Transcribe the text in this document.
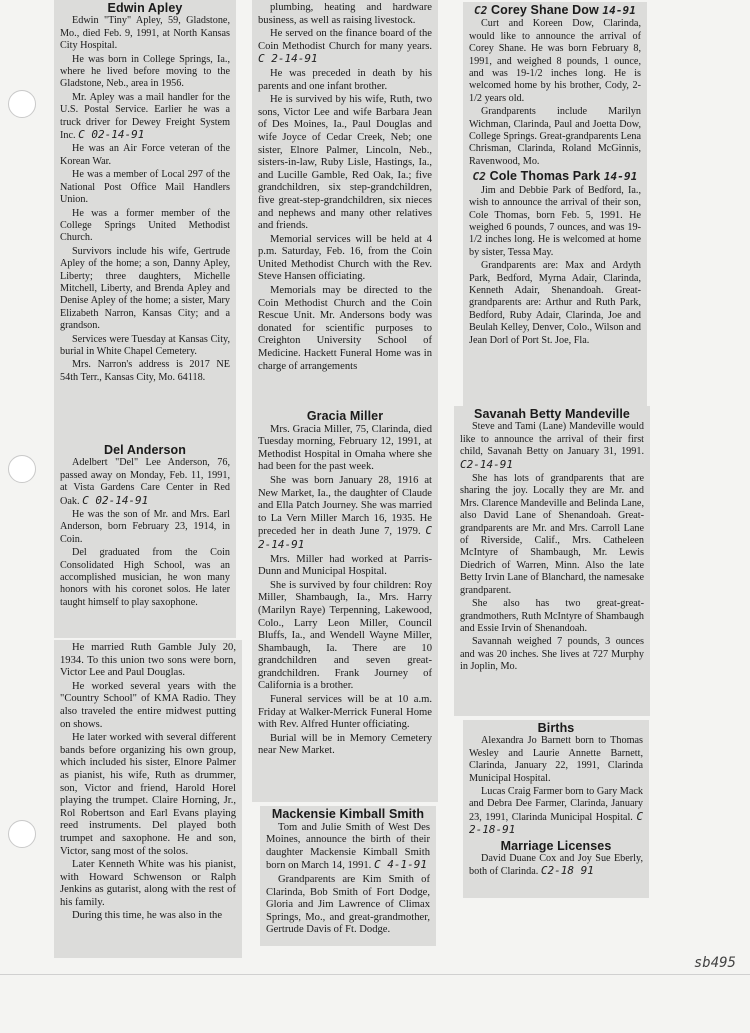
Edwin Apley

Edwin "Tiny" Apley, 59, Gladstone, Mo., died Feb. 9, 1991, at North Kansas City Hospital.

He was born in College Springs, Ia., where he lived before moving to the Gladstone, Neb., area in 1956.

Mr. Apley was a mail handler for the U.S. Postal Service. Earlier he was a truck driver for Dewey Freight System Inc. C 02-14-91

He was an Air Force veteran of the Korean War.

He was a member of Local 297 of the National Post Office Mail Handlers Union.

He was a former member of the College Springs United Methodist Church.

Survivors include his wife, Gertrude Apley of the home; a son, Danny Apley, Liberty; three daughters, Michelle Mitchell, Liberty, and Brenda Apley and Denise Apley of the home; a sister, Mary Elizabeth Narron, Kansas City; and a grandson.

Services were Tuesday at Kansas City, burial in White Chapel Cemetery.

Mrs. Narron's address is 2017 NE 54th Terr., Kansas City, Mo. 64118.

Del Anderson

Adelbert "Del" Lee Anderson, 76, passed away on Monday, Feb. 11, 1991, at Vista Gardens Care Center in Red Oak. C 02-14-91

He was the son of Mr. and Mrs. Earl Anderson, born February 23, 1914, in Coin.

Del graduated from the Coin Consolidated High School, was an accomplished musician, he won many honors with his coronet solos. He later taught himself to play saxophone.

He married Ruth Gamble July 20, 1934. To this union two sons were born, Victor Lee and Paul Douglas.

He worked several years with the "Country School" of KMA Radio. They also traveled the entire midwest putting on shows.

He later worked with several different bands before organizing his own group, which included his sister, Elnore Palmer as pianist, his wife, Ruth as drummer, son, Victor and friend, Harold Horel playing the trumpet. Claire Horning, Jr., Rol Robertson and Earl Evans playing reed instruments. Del played both trumpet and saxophone. He and son, Victor, sang most of the solos.

Later Kenneth White was his pianist, with Howard Schwenson or Ralph Jenkins as gutarist, along with the rest of his family.

During this time, he was also in the

plumbing, heating and hardware business, as well as raising livestock.

He served on the finance board of the Coin Methodist Church for many years. C 2-14-91

He was preceded in death by his parents and one infant brother.

He is survived by his wife, Ruth, two sons, Victor Lee and wife Barbara Jean of Des Moines, Ia., Paul Douglas and wife Joyce of Cedar Creek, Neb; one sister, Elnore Palmer, Lincoln, Neb., sisters-in-law, Ruby Lisle, Hastings, Ia., and Lucille Gamble, Red Oak, Ia.; five grandchildren, six step-grandchildren, five great-step-grandchildren, six nieces and nephews and many other relatives and friends.

Memorial services will be held at 4 p.m. Saturday, Feb. 16, from the Coin United Methodist Church with the Rev. Steve Hansen officiating.

Memorials may be directed to the Coin Methodist Church and the Coin Rescue Unit. Mr. Andersons body was donated for scientific purposes to Creighton University School of Medicine. Hackett Funeral Home was in charge of arrangements

Gracia Miller

Mrs. Gracia Miller, 75, Clarinda, died Tuesday morning, February 12, 1991, at Methodist Hospital in Omaha where she had been for the past week.

She was born January 28, 1916 at New Market, Ia., the daughter of Claude and Ella Patch Journey. She was married to La Vern Miller March 16, 1935. He preceded her in death June 7, 1979. C 2-14-91

Mrs. Miller had worked at Parris-Dunn and Municipal Hospital.

She is survived by four children: Roy Miller, Shambaugh, Ia., Mrs. Harry (Marilyn Raye) Terpenning, Lakewood, Colo., Larry Leon Miller, Council Bluffs, Ia., and Wendell Wayne Miller, Shambaugh, Ia. There are 10 grandchildren and seven great-grandchildren. Frank Journey of California is a brother.

Funeral services will be at 10 a.m. Friday at Walker-Merrick Funeral Home with Rev. Alfred Hunter officiating.

Burial will be in Memory Cemetery near New Market.

Mackensie Kimball Smith

Tom and Julie Smith of West Des Moines, announce the birth of their daughter Mackensie Kimball Smith born on March 14, 1991. C 4-1-91

Grandparents are Kim Smith of Clarinda, Bob Smith of Fort Dodge, Gloria and Jim Lawrence of Climax Springs, Mo., and great-grandmother, Gertrude Davis of Ft. Dodge.

C2 Corey Shane Dow 14-91

Curt and Koreen Dow, Clarinda, would like to announce the arrival of Corey Shane. He was born February 8, 1991, and weighed 8 pounds, 1 ounce, and was 19-1/2 inches long. He is welcomed home by his brother, Cody, 2-1/2 years old.

Grandparents include Marilyn Wichman, Clarinda, Paul and Joetta Dow, College Springs. Great-grandparents Lena Chrisman, Clarinda, Roland McGinnis, Ravenwood, Mo.

C2 Cole Thomas Park 14-91

Jim and Debbie Park of Bedford, Ia., wish to announce the arrival of their son, Cole Thomas, born Feb. 5, 1991. He weighed 6 pounds, 7 ounces, and was 19-1/2 inches long. He is welcomed at home by sister, Tessa May.

Grandparents are: Max and Ardyth Park, Bedford, Myrna Adair, Clarinda, Kenneth Adair, Shenandoah. Great-grandparents are: Arthur and Ruth Park, Bedford, Ruby Adair, Clarinda, Joe and Beulah Kelley, Denver, Colo., Wilson and Jean Dorl of Port St. Joe, Fla.

Savanah Betty Mandeville

Steve and Tami (Lane) Mandeville would like to announce the arrival of their first child, Savanah Betty on January 31, 1991. C2-14-91

She has lots of grandparents that are sharing the joy. Locally they are Mr. and Mrs. Clarence Mandeville and Belinda Lane, also David Lane of Shenandoah. Great-grandparents are Mr. and Mrs. Carroll Lane of Riverside, Calif., Mrs. Catheleen McIntyre of Shambaugh, Mr. Lewis Diedrich of Warren, Minn. Also the late Betty Irvin Lane of Blanchard, the namesake grandparent.

She also has two great-great-grandmothers, Ruth McIntyre of Shambaugh and Essie Irvin of Shenandoah.

Savannah weighed 7 pounds, 3 ounces and was 20 inches. She lives at 727 Murphy in Joplin, Mo.

Births

Alexandra Jo Barnett born to Thomas Wesley and Laurie Annette Barnett, Clarinda, January 22, 1991, Clarinda Municipal Hospital.

Lucas Craig Farmer born to Gary Mack and Debra Dee Farmer, Clarinda, January 23, 1991, Clarinda Municipal Hospital. C 2-18-91

Marriage Licenses

David Duane Cox and Joy Sue Eberly, both of Clarinda. C2-18 91

sb495
